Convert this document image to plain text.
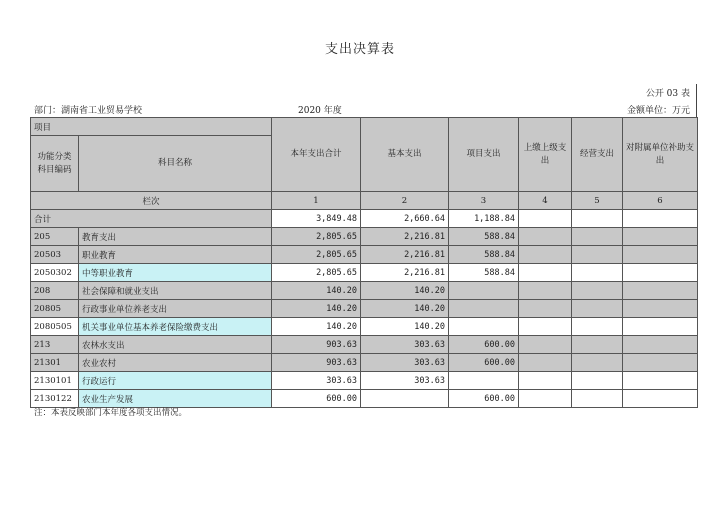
支出决算表
公开 03 表
部门：湖南省工业贸易学校	2020 年度	金额单位：万元
项目		本年支出合计	基本支出	项目支出	上缴上级支出	经营支出	对附属单位补助支出
功能分类科目编码	科目名称						
栏次		1	2	3	4	5	6
合计		3,849.48	2,660.64	1,188.84			
205	教育支出	2,805.65	2,216.81	588.84			
20503	职业教育	2,805.65	2,216.81	588.84			
2050302	中等职业教育	2,805.65	2,216.81	588.84			
208	社会保障和就业支出	140.20	140.20				
20805	行政事业单位养老支出	140.20	140.20				
2080505	机关事业单位基本养老保险缴费支出	140.20	140.20				
213	农林水支出	903.63	303.63	600.00			
21301	农业农村	903.63	303.63	600.00			
2130101	行政运行	303.63	303.63				
2130122	农业生产发展	600.00		600.00			
注：本表反映部门本年度各项支出情况。
